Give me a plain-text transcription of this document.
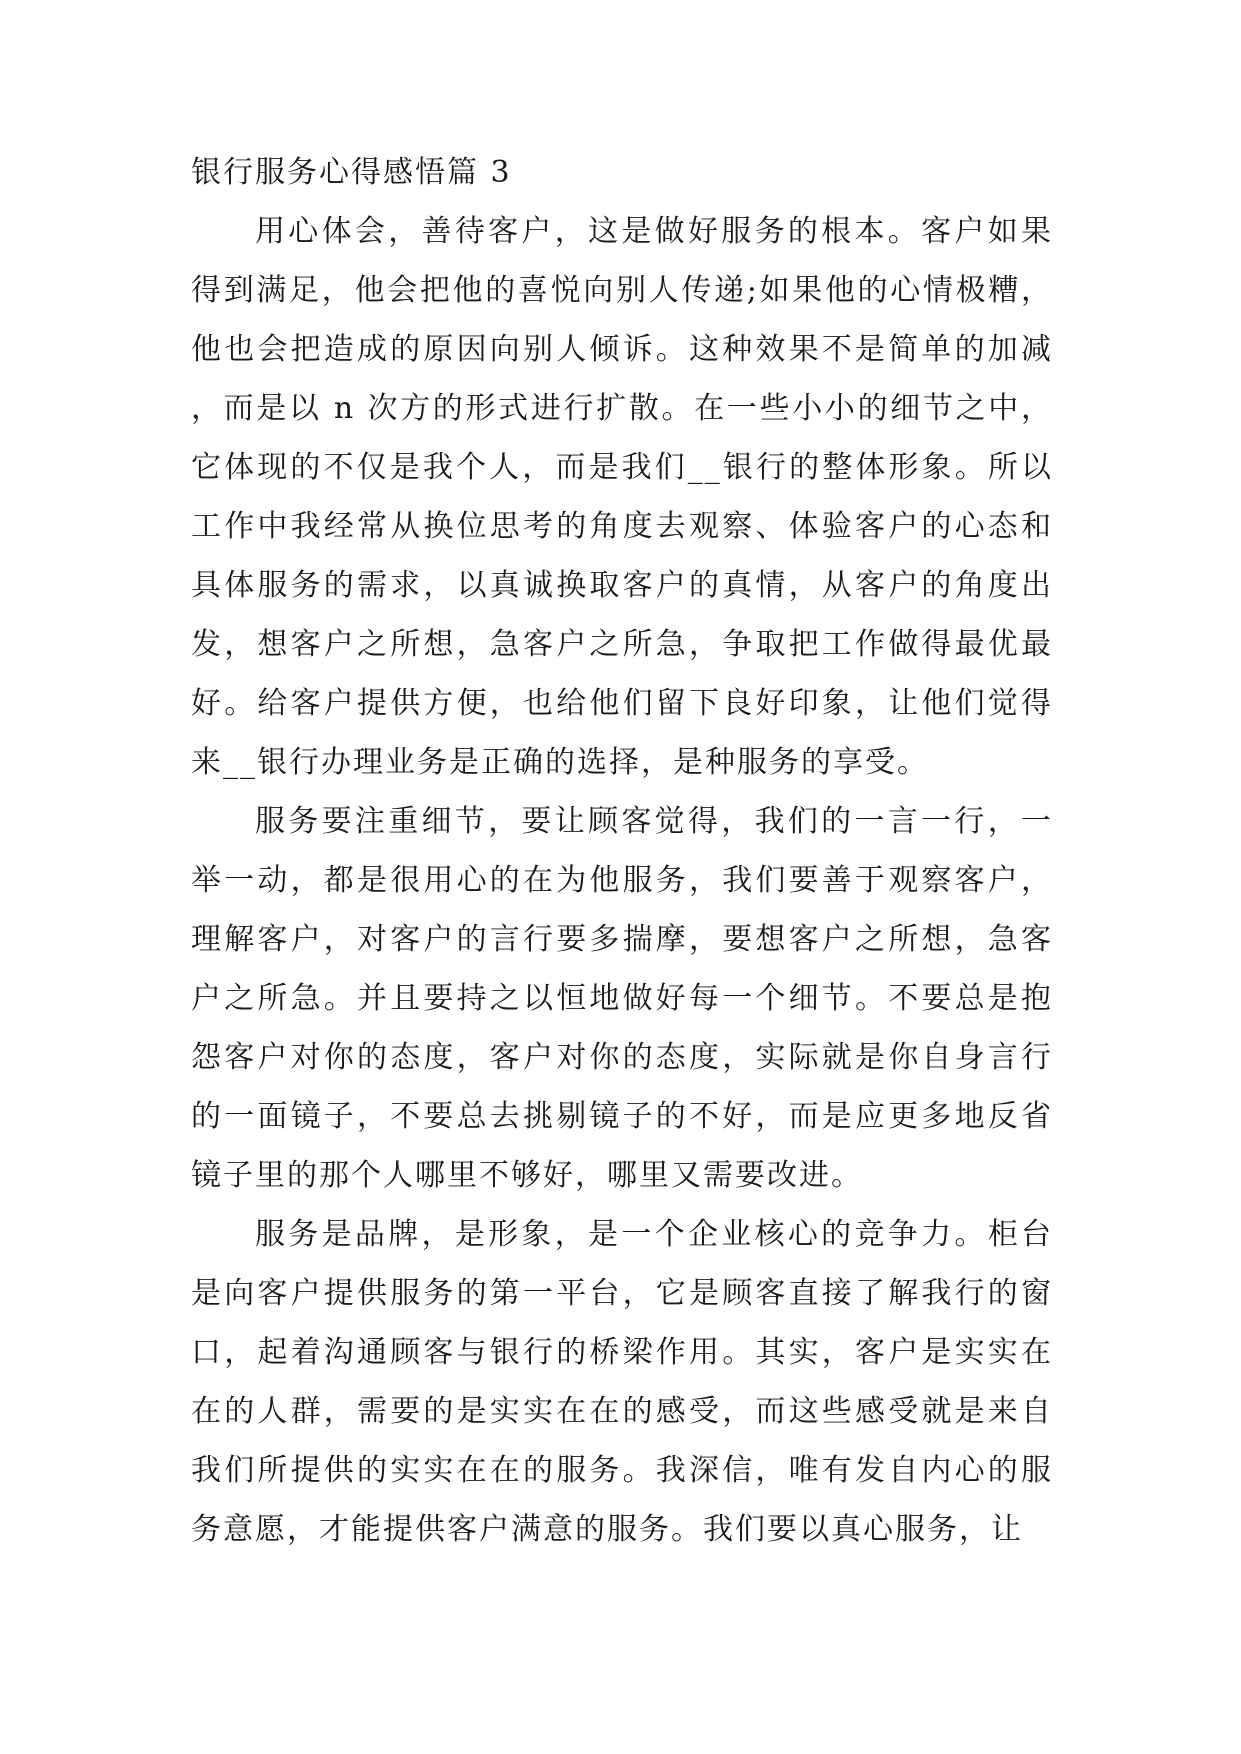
银行服务心得感悟篇 3

用心体会，善待客户，这是做好服务的根本。客户如果得到满足，他会把他的喜悦向别人传递;如果他的心情极糟，他也会把造成的原因向别人倾诉。这种效果不是简单的加减，而是以 n 次方的形式进行扩散。在一些小小的细节之中，它体现的不仅是我个人，而是我们__银行的整体形象。所以工作中我经常从换位思考的角度去观察、体验客户的心态和具体服务的需求，以真诚换取客户的真情，从客户的角度出发，想客户之所想，急客户之所急，争取把工作做得最优最好。给客户提供方便，也给他们留下良好印象，让他们觉得来__银行办理业务是正确的选择，是种服务的享受。

服务要注重细节，要让顾客觉得，我们的一言一行，一举一动，都是很用心的在为他服务，我们要善于观察客户，理解客户，对客户的言行要多揣摩，要想客户之所想，急客户之所急。并且要持之以恒地做好每一个细节。不要总是抱怨客户对你的态度，客户对你的态度，实际就是你自身言行的一面镜子，不要总去挑剔镜子的不好，而是应更多地反省镜子里的那个人哪里不够好，哪里又需要改进。

服务是品牌，是形象，是一个企业核心的竞争力。柜台是向客户提供服务的第一平台，它是顾客直接了解我行的窗口，起着沟通顾客与银行的桥梁作用。其实，客户是实实在在的人群，需要的是实实在在的感受，而这些感受就是来自我们所提供的实实在在的服务。我深信，唯有发自内心的服务意愿，才能提供客户满意的服务。我们要以真心服务，让
